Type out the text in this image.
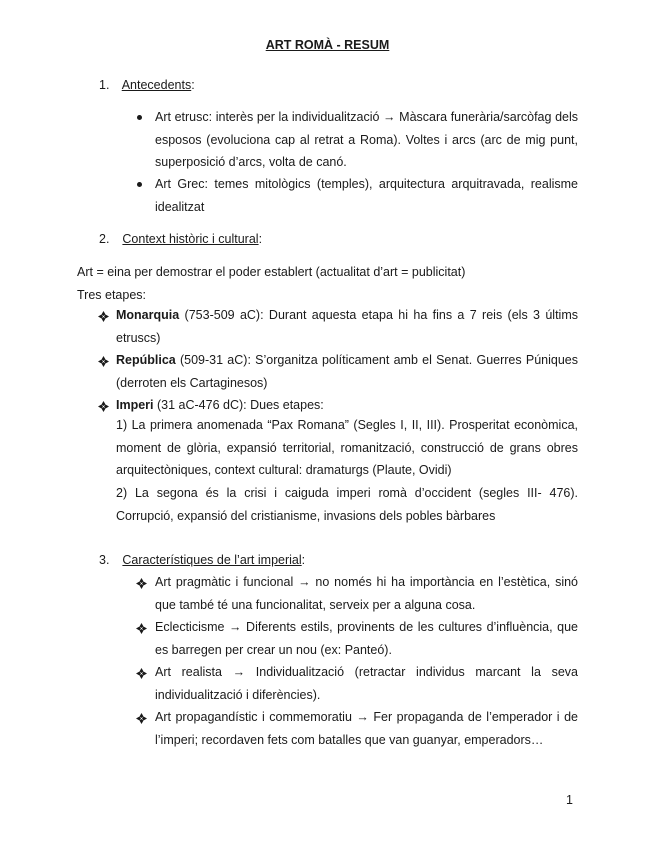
ART ROMÀ - RESUM
1. Antecedents:
Art etrusc: interès per la individualització → Màscara funerària/sarcòfag dels esposos (evoluciona cap al retrat a Roma). Voltes i arcs (arc de mig punt, superposició d’arcs, volta de canó.
Art Grec: temes mitològics (temples), arquitectura arquitravada, realisme idealitzat
2. Context històric i cultural:
Art = eina per demostrar el poder establert (actualitat d’art = publicitat)
Tres etapes:
Monarquia (753-509 aC): Durant aquesta etapa hi ha fins a 7 reis (els 3 últims etruscs)
República (509-31 aC): S’organitza políticament amb el Senat. Guerres Púniques (derroten els Cartaginesos)
Imperi (31 aC-476 dC): Dues etapes:
1) La primera anomenada “Pax Romana” (Segles I, II, III). Prosperitat econòmica, moment de glòria, expansió territorial, romanització, construcció de grans obres arquitectòniques, context cultural: dramaturgs (Plaute, Ovidi)
2) La segona és la crisi i caiguda imperi romà d’occident (segles III- 476). Corrupció, expansió del cristianisme, invasions dels pobles bàrbares
3. Característiques de l’art imperial:
Art pragmàtic i funcional → no només hi ha importància en l’estètica, sinó que també té una funcionalitat, serveix per a alguna cosa.
Eclecticisme → Diferents estils, provinents de les cultures d’influència, que es barregen per crear un nou (ex: Panteó).
Art realista → Individualització (retractar individus marcant la seva individualització i diferències).
Art propagandístic i commemoratiu → Fer propaganda de l’emperador i de l’imperi; recordaven fets com batalles que van guanyar, emperadors…
1
